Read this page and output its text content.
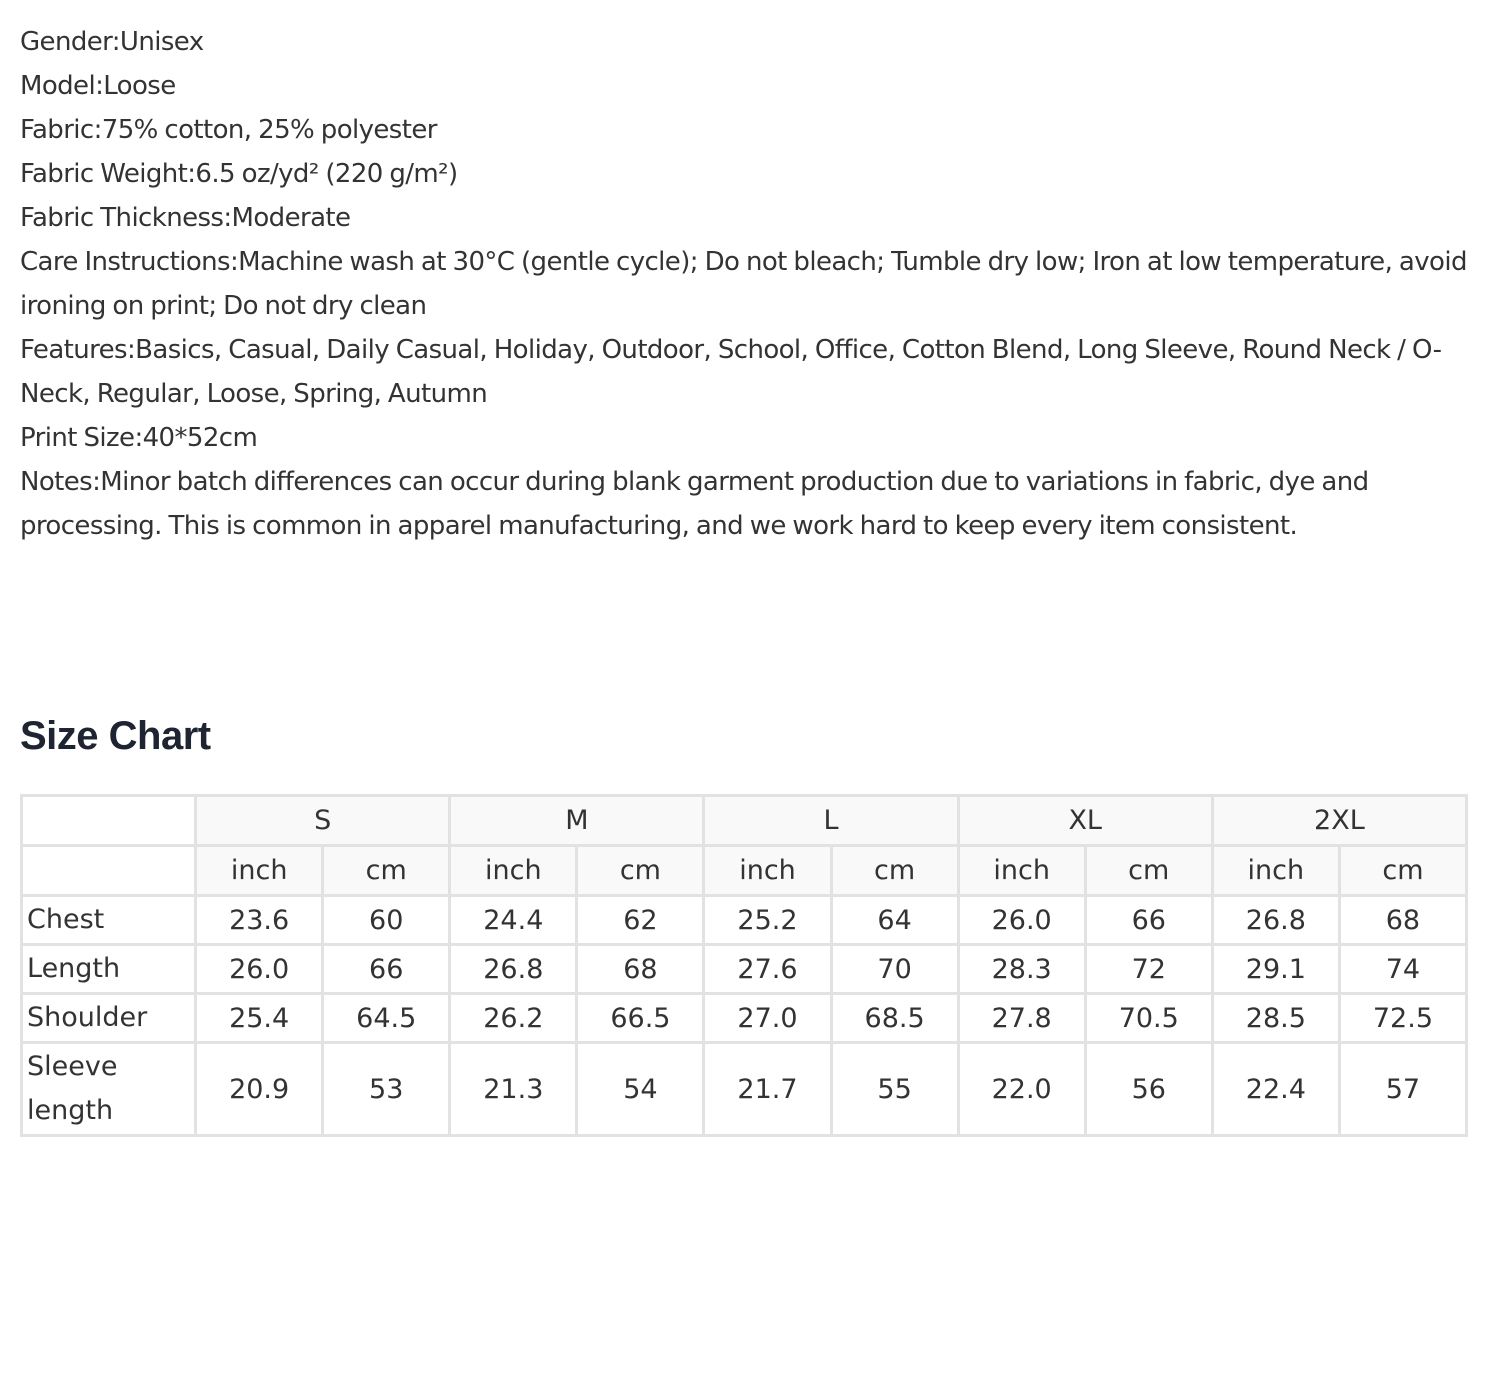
Gender:Unisex

Model:Loose

Fabric:75% cotton, 25% polyester

Fabric Weight:6.5 oz/yd² (220 g/m²)

Fabric Thickness:Moderate

Care Instructions:Machine wash at 30°C (gentle cycle); Do not bleach; Tumble dry low; Iron at low temperature, avoid ironing on print; Do not dry clean

Features:Basics, Casual, Daily Casual, Holiday, Outdoor, School, Office, Cotton Blend, Long Sleeve, Round Neck / O-Neck, Regular, Loose, Spring, Autumn

Print Size:40*52cm

Notes:Minor batch differences can occur during blank garment production due to variations in fabric, dye and processing. This is common in apparel manufacturing, and we work hard to keep every item consistent.

Size Chart
	S		M		L		XL		2XL	
	inch	cm	inch	cm	inch	cm	inch	cm	inch	cm
Chest	23.6	60	24.4	62	25.2	64	26.0	66	26.8	68
Length	26.0	66	26.8	68	27.6	70	28.3	72	29.1	74
Shoulder	25.4	64.5	26.2	66.5	27.0	68.5	27.8	70.5	28.5	72.5
Sleeve length	20.9	53	21.3	54	21.7	55	22.0	56	22.4	57
